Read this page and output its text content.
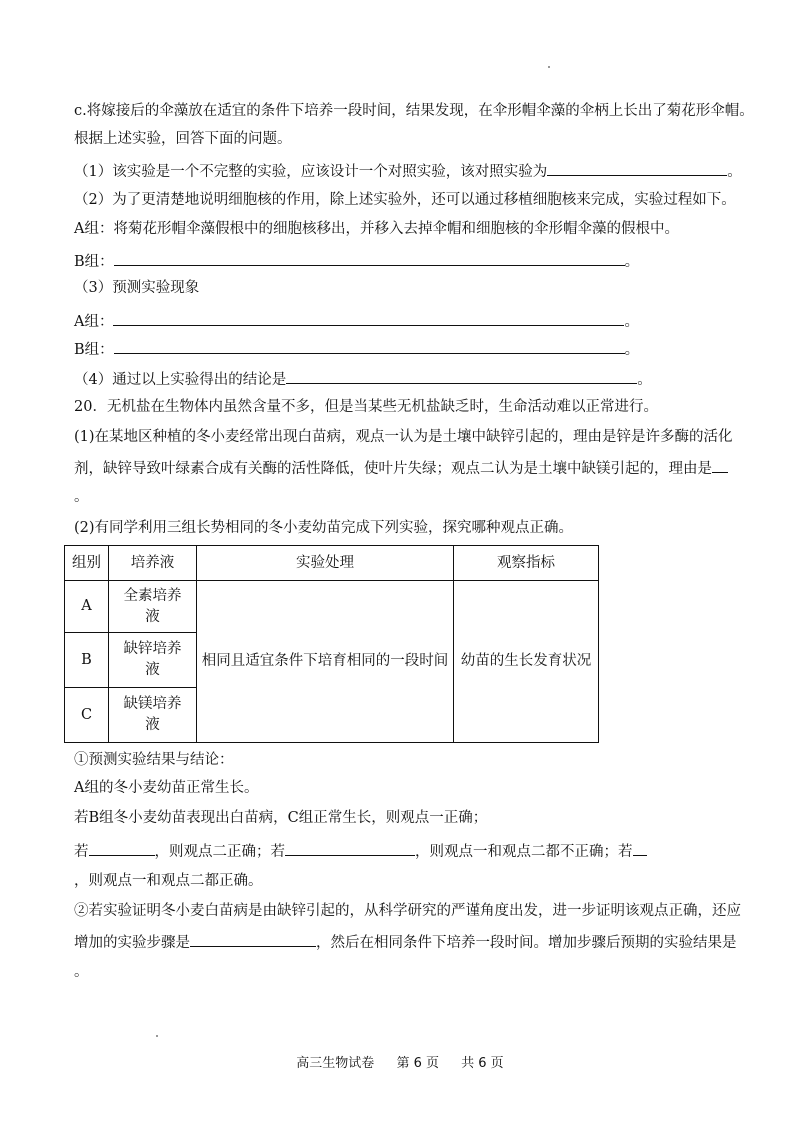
c.将嫁接后的伞藻放在适宜的条件下培养一段时间，结果发现，在伞形帽伞藻的伞柄上长出了菊花形伞帽。
根据上述实验，回答下面的问题。
（1）该实验是一个不完整的实验，应该设计一个对照实验，该对照实验为	。
（2）为了更清楚地说明细胞核的作用，除上述实验外，还可以通过移植细胞核来完成，实验过程如下。
A组：将菊花形帽伞藻假根中的细胞核移出，并移入去掉伞帽和细胞核的伞形帽伞藻的假根中。
B组：	。
（3）预测实验现象
A组：	。
B组：	。
（4）通过以上实验得出的结论是	。
20．无机盐在生物体内虽然含量不多，但是当某些无机盐缺乏时，生命活动难以正常进行。
(1)在某地区种植的冬小麦经常出现白苗病，观点一认为是土壤中缺锌引起的，理由是锌是许多酶的活化
剂，缺锌导致叶绿素合成有关酶的活性降低，使叶片失绿；观点二认为是土壤中缺镁引起的，理由是
。
(2)有同学利用三组长势相同的冬小麦幼苗完成下列实验，探究哪种观点正确。
组别	培养液	实验处理	观察指标
A	全素培养液	相同且适宜条件下培育相同的一段时间	幼苗的生长发育状况
B	缺锌培养液		

C	缺镁培养液		
①预测实验结果与结论：
A组的冬小麦幼苗正常生长。
若B组冬小麦幼苗表现出白苗病，C组正常生长，则观点一正确；
若	，则观点二正确；若	，则观点一和观点二都不正确；若
，则观点一和观点二都正确。
②若实验证明冬小麦白苗病是由缺锌引起的，从科学研究的严谨角度出发，进一步证明该观点正确，还应
增加的实验步骤是	，然后在相同条件下培养一段时间。增加步骤后预期的实验结果是
。
高三生物试卷 第 6 页 共 6 页
